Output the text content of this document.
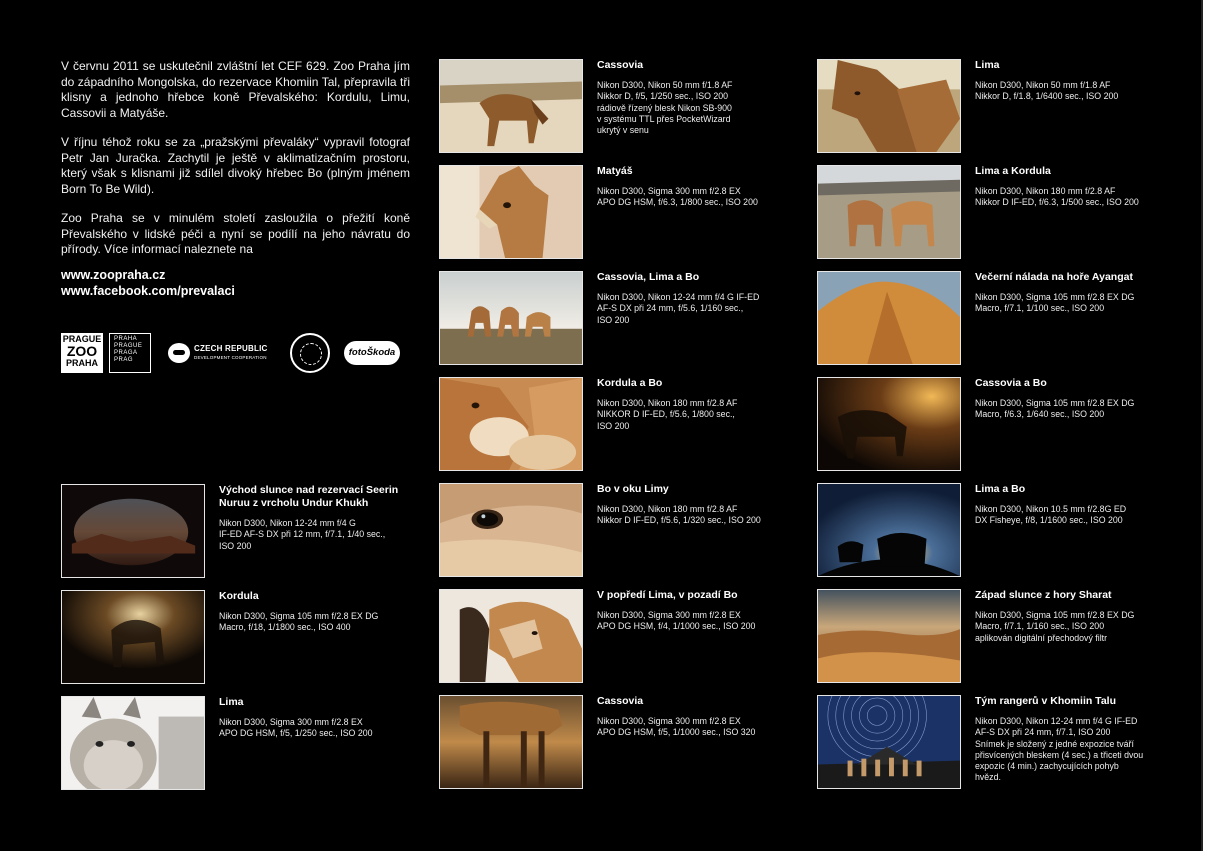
V červnu 2011 se uskutečnil zvláštní let CEF 629. Zoo Praha jím do západního Mongolska, do rezervace Khomiin Tal, přepravila tři klisny a jednoho hřebce koně Převalského: Kordulu, Limu, Cassovii a Matyáše.

V říjnu téhož roku se za „pražskými převaláky“ vypravil fotograf Petr Jan Juračka. Zachytil je ještě v aklimatizačním prostoru, který však s klisnami již sdílel divoký hřebec Bo (plným jménem Born To Be Wild).

Zoo Praha se v minulém století zasloužila o přežití koně Převalského v lidské péči a nyní se podílí na jeho návratu do přírody. Více informací naleznete na

www.zoopraha.cz
www.facebook.com/prevalaci
PRAGUE
ZOO
PRAHA
PRAHA
PRAGUE
PRAGA
PRAG
CZECH REPUBLIC
DEVELOPMENT COOPERATION	fotoŠkoda
Východ slunce nad rezervací Seerin Nuruu z vrcholu Undur Khukh
Nikon D300, Nikon 12-24 mm f/4 G
IF-ED AF-S DX při 12 mm, f/7.1, 1/40 sec.,
ISO 200
Kordula
Nikon D300, Sigma 105 mm f/2.8 EX DG
Macro, f/18, 1/1800 sec., ISO 400
Lima
Nikon D300, Sigma 300 mm f/2.8 EX
APO DG HSM, f/5, 1/250 sec., ISO 200
Cassovia
Nikon D300, Nikon 50 mm f/1.8 AF
Nikkor D, f/5, 1/250 sec., ISO 200
rádiově řízený blesk Nikon SB-900
v systému TTL přes PocketWizard
ukrytý v senu
Matyáš
Nikon D300, Sigma 300 mm f/2.8 EX
APO DG HSM, f/6.3, 1/800 sec., ISO 200
Cassovia, Lima a Bo
Nikon D300, Nikon 12-24 mm f/4 G IF-ED
AF-S DX při 24 mm, f/5.6, 1/160 sec.,
ISO 200
Kordula a Bo
Nikon D300, Nikon 180 mm f/2.8 AF
NIKKOR D IF-ED, f/5.6, 1/800 sec.,
ISO 200
Bo v oku Limy
Nikon D300, Nikon 180 mm f/2.8 AF
Nikkor D IF-ED, f/5.6, 1/320 sec., ISO 200
V popředí Lima, v pozadí Bo
Nikon D300, Sigma 300 mm f/2.8 EX
APO DG HSM, f/4, 1/1000 sec., ISO 200
Cassovia
Nikon D300, Sigma 300 mm f/2.8 EX
APO DG HSM, f/5, 1/1000 sec., ISO 320
Lima
Nikon D300, Nikon 50 mm f/1.8 AF
Nikkor D, f/1.8, 1/6400 sec., ISO 200
Lima a Kordula
Nikon D300, Nikon 180 mm f/2.8 AF
Nikkor D IF-ED, f/6.3, 1/500 sec., ISO 200
Večerní nálada na hoře Ayangat
Nikon D300, Sigma 105 mm f/2.8 EX DG
Macro, f/7.1, 1/100 sec., ISO 200
Cassovia a Bo
Nikon D300, Sigma 105 mm f/2.8 EX DG
Macro, f/6.3, 1/640 sec., ISO 200
Lima a Bo
Nikon D300, Nikon 10.5 mm f/2.8G ED
DX Fisheye, f/8, 1/1600 sec., ISO 200
Západ slunce z hory Sharat
Nikon D300, Sigma 105 mm f/2.8 EX DG
Macro, f/7.1, 1/160 sec., ISO 200
aplikován digitální přechodový filtr
Tým rangerů v Khomiin Talu
Nikon D300, Nikon 12-24 mm f/4 G IF-ED
AF-S DX při 24 mm, f/7.1, ISO 200
Snímek je složený z jedné expozice tváří
přisvícených bleskem (4 sec.) a třiceti dvou
expozic (4 min.) zachycujících pohyb
hvězd.
